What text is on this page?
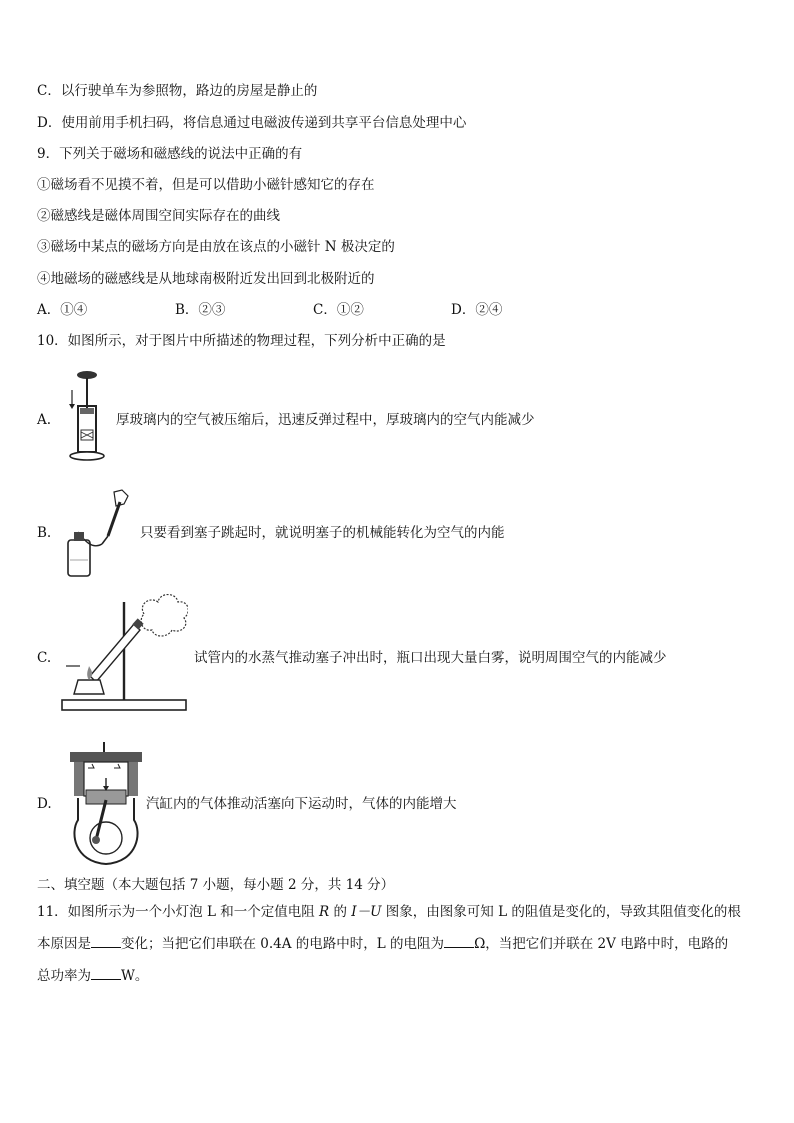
C．以行驶单车为参照物，路边的房屋是静止的
D．使用前用手机扫码，将信息通过电磁波传递到共享平台信息处理中心
9．下列关于磁场和磁感线的说法中正确的有
①磁场看不见摸不着，但是可以借助小磁针感知它的存在
②磁感线是磁体周围空间实际存在的曲线
③磁场中某点的磁场方向是由放在该点的小磁针 N 极决定的
④地磁场的磁感线是从地球南极附近发出回到北极附近的
A．①④	B．②③	C．①②	D．②④
10．如图所示，对于图片中所描述的物理过程，下列分析中正确的是
A.	厚玻璃内的空气被压缩后，迅速反弹过程中，厚玻璃内的空气内能减少
B.	只要看到塞子跳起时，就说明塞子的机械能转化为空气的内能
C.	试管内的水蒸气推动塞子冲出时，瓶口出现大量白雾，说明周围空气的内能减少
D.	汽缸内的气体推动活塞向下运动时，气体的内能增大
二、填空题（本大题包括 7 小题，每小题 2 分，共 14 分）
11．如图所示为一个小灯泡 L 和一个定值电阻 R 的 I－U 图象，由图象可知 L 的阻值是变化的，导致其阻值变化的根
本原因是 变化；当把它们串联在 0.4A 的电路中时，L 的电阻为 Ω，当把它们并联在 2V 电路中时，电路的
总功率为 W。
